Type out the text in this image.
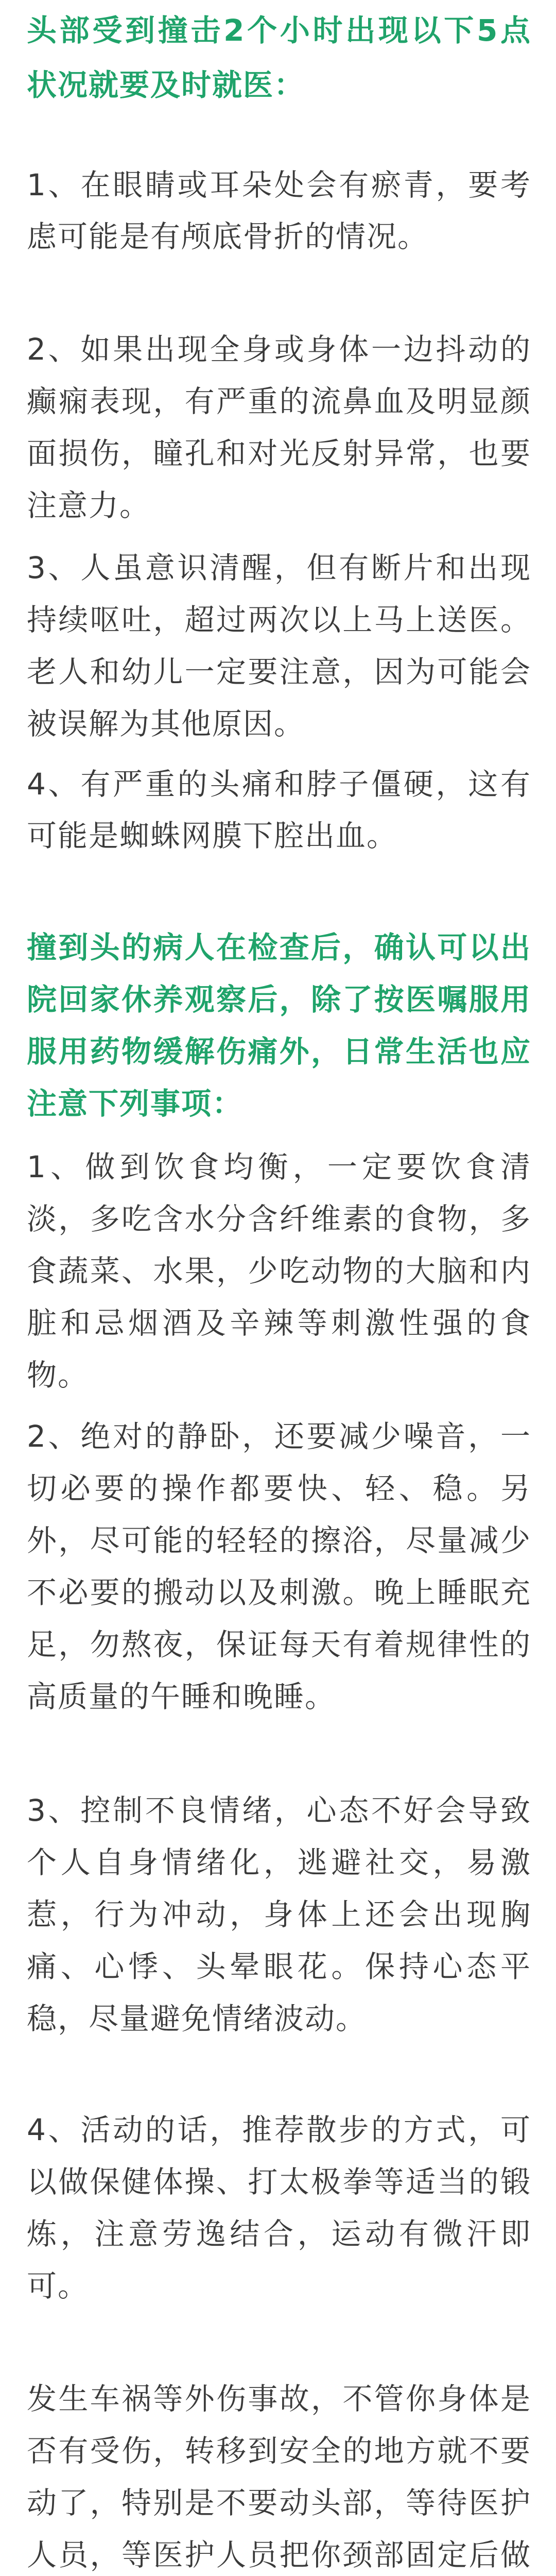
头部受到撞击2个小时出现以下5点状况就要及时就医：

1、在眼睛或耳朵处会有瘀青，要考虑可能是有颅底骨折的情况。

2、如果出现全身或身体一边抖动的癫痫表现，有严重的流鼻血及明显颜面损伤，瞳孔和对光反射异常，也要注意力。

3、人虽意识清醒，但有断片和出现持续呕吐，超过两次以上马上送医。老人和幼儿一定要注意，因为可能会被误解为其他原因。

4、有严重的头痛和脖子僵硬，这有可能是蜘蛛网膜下腔出血。

撞到头的病人在检查后，确认可以出院回家休养观察后，除了按医嘱服用服用药物缓解伤痛外，日常生活也应注意下列事项：

1、做到饮食均衡，一定要饮食清淡，多吃含水分含纤维素的食物，多食蔬菜、水果，少吃动物的大脑和内脏和忌烟酒及辛辣等刺激性强的食物。

2、绝对的静卧，还要减少噪音，一切必要的操作都要快、轻、稳。另外，尽可能的轻轻的擦浴，尽量减少不必要的搬动以及刺激。晚上睡眠充足，勿熬夜，保证每天有着规律性的高质量的午睡和晚睡。

3、控制不良情绪，心态不好会导致个人自身情绪化，逃避社交，易激惹，行为冲动，身体上还会出现胸痛、心悸、头晕眼花。保持心态平稳，尽量避免情绪波动。

4、活动的话，推荐散步的方式，可以做保健体操、打太极拳等适当的锻炼，注意劳逸结合，运动有微汗即可。

发生车祸等外伤事故，不管你身体是否有受伤，转移到安全的地方就不要动了，特别是不要动头部，等待医护人员，等医护人员把你颈部固定后做
